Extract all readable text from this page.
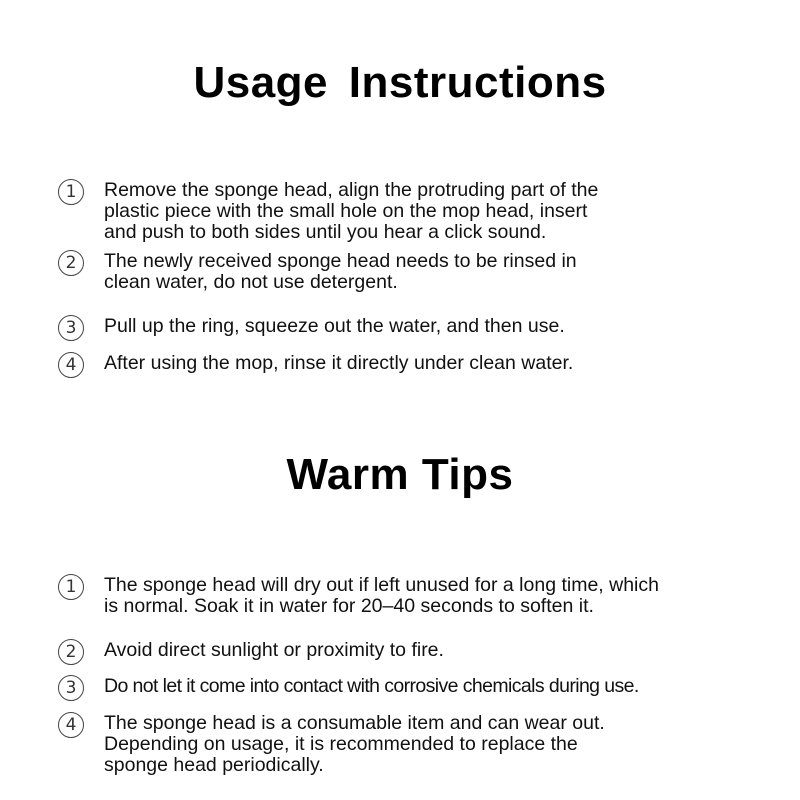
Usage Instructions
1	Remove the sponge head, align the protruding part of the
plastic piece with the small hole on the mop head, insert
and push to both sides until you hear a click sound.
2	The newly received sponge head needs to be rinsed in
clean water, do not use detergent.
3	Pull up the ring, squeeze out the water, and then use.
4	After using the mop, rinse it directly under clean water.
Warm Tips
1	The sponge head will dry out if left unused for a long time, which
is normal. Soak it in water for 20–40 seconds to soften it.
2	Avoid direct sunlight or proximity to fire.
3	Do not let it come into contact with corrosive chemicals during use.
4	The sponge head is a consumable item and can wear out.
Depending on usage, it is recommended to replace the
sponge head periodically.
